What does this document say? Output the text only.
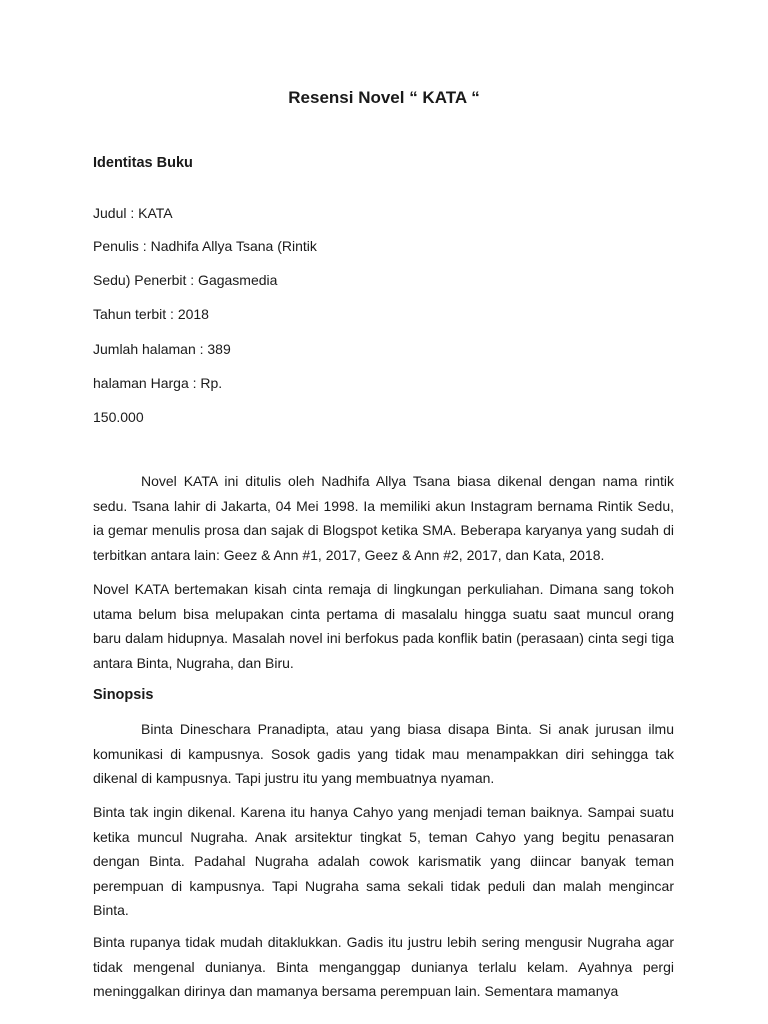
Resensi Novel “ KATA “
Identitas Buku

Judul : KATA

Penulis : Nadhifa Allya Tsana (Rintik

Sedu) Penerbit : Gagasmedia

Tahun terbit : 2018

Jumlah halaman : 389

halaman Harga : Rp.

150.000

Novel KATA ini ditulis oleh Nadhifa Allya Tsana biasa dikenal dengan nama rintik sedu. Tsana lahir di Jakarta, 04 Mei 1998. Ia memiliki akun Instagram bernama Rintik Sedu, ia gemar menulis prosa dan sajak di Blogspot ketika SMA. Beberapa karyanya yang sudah di terbitkan antara lain: Geez & Ann #1, 2017, Geez & Ann #2, 2017, dan Kata, 2018.

Novel KATA bertemakan kisah cinta remaja di lingkungan perkuliahan. Dimana sang tokoh utama belum bisa melupakan cinta pertama di masalalu hingga suatu saat muncul orang baru dalam hidupnya. Masalah novel ini berfokus pada konflik batin (perasaan) cinta segi tiga antara Binta, Nugraha, dan Biru.

Sinopsis

Binta Dineschara Pranadipta, atau yang biasa disapa Binta. Si anak jurusan ilmu komunikasi di kampusnya. Sosok gadis yang tidak mau menampakkan diri sehingga tak dikenal di kampusnya. Tapi justru itu yang membuatnya nyaman.

Binta tak ingin dikenal. Karena itu hanya Cahyo yang menjadi teman baiknya. Sampai suatu ketika muncul Nugraha. Anak arsitektur tingkat 5, teman Cahyo yang begitu penasaran dengan Binta. Padahal Nugraha adalah cowok karismatik yang diincar banyak teman perempuan di kampusnya. Tapi Nugraha sama sekali tidak peduli dan malah mengincar Binta.

Binta rupanya tidak mudah ditaklukkan. Gadis itu justru lebih sering mengusir Nugraha agar tidak mengenal dunianya. Binta menganggap dunianya terlalu kelam. Ayahnya pergi meninggalkan dirinya dan mamanya bersama perempuan lain. Sementara mamanya
